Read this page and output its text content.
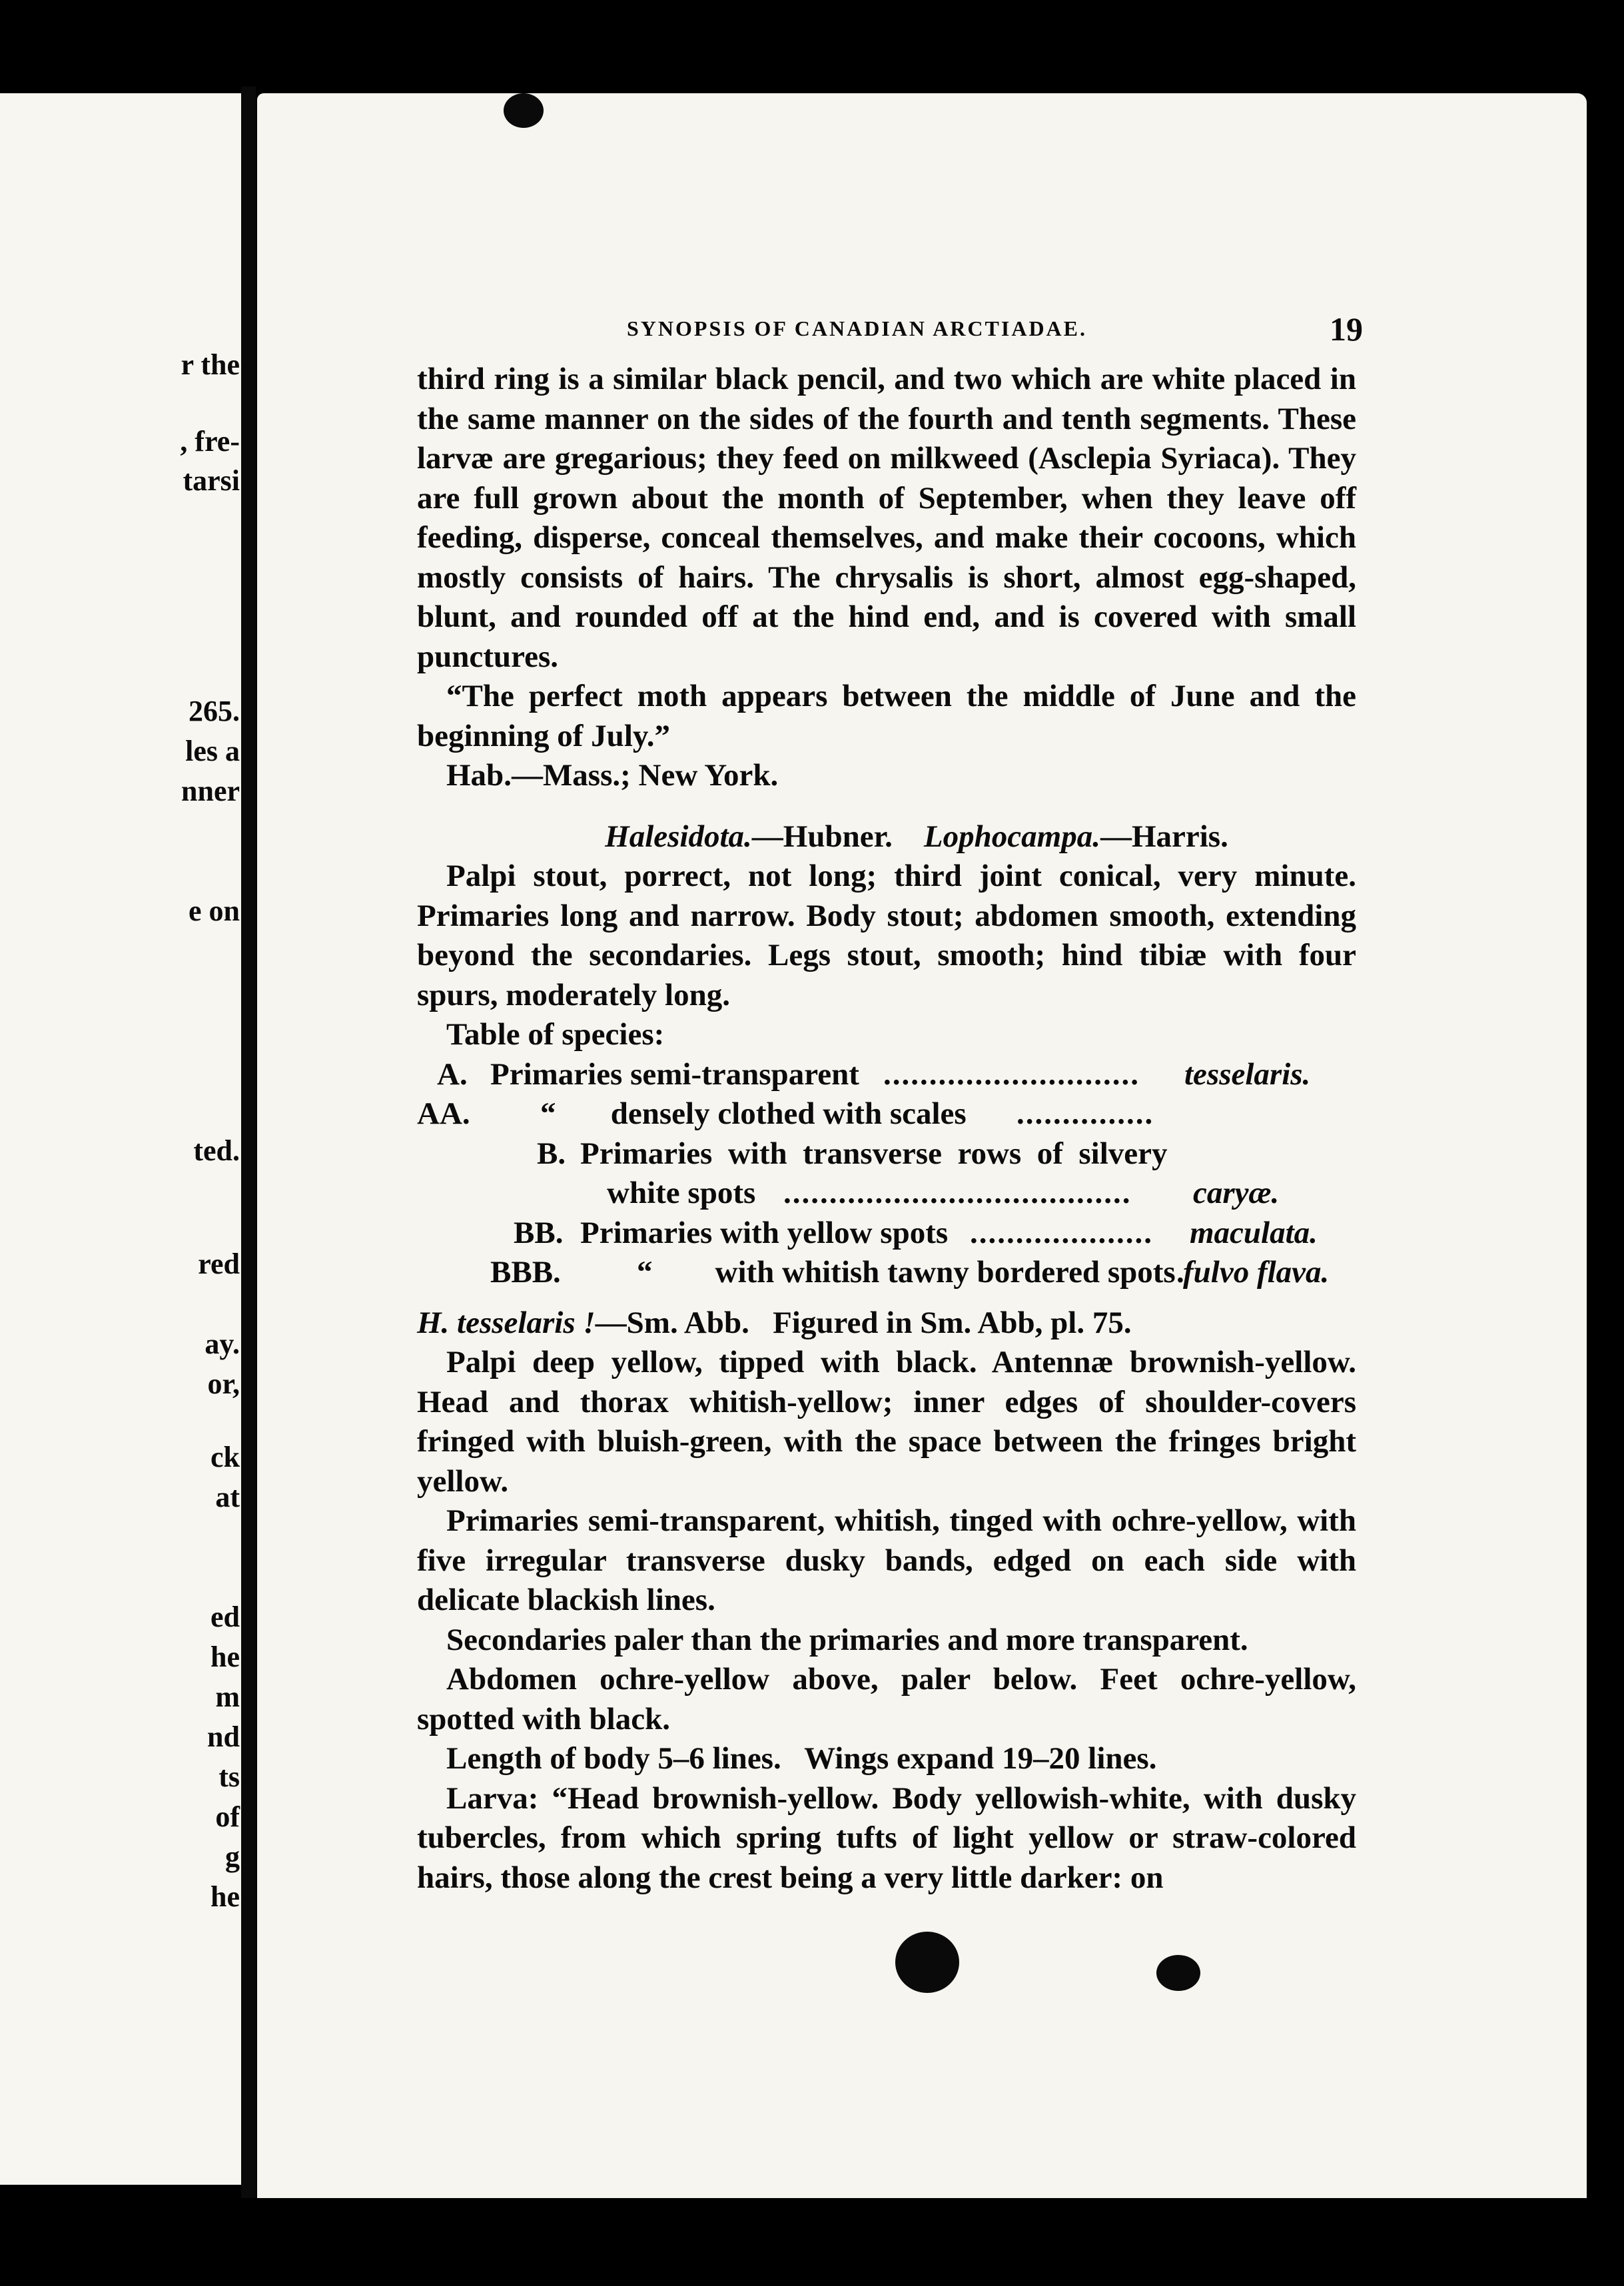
r the
, fre-
tarsi
265.
les a
nner
e on
ted.
red
ay.
or,
ck
at
ed
he
m
nd
ts
of
g
he
SYNOPSIS OF CANADIAN ARCTIADAE.	19

third ring is a similar black pencil, and two which are white placed in the same manner on the sides of the fourth and tenth segments. These larvæ are gregarious; they feed on milkweed (Asclepia Syriaca). They are full grown about the month of September, when they leave off feeding, disperse, conceal themselves, and make their cocoons, which mostly consists of hairs. The chrysalis is short, almost egg-shaped, blunt, and rounded off at the hind end, and is covered with small punctures.

“The perfect moth appears between the middle of June and the beginning of July.”

Hab.—Mass.; New York.

Halesidota.—Hubner. Lophocampa.—Harris.

Palpi stout, porrect, not long; third joint conical, very minute. Primaries long and narrow. Body stout; abdomen smooth, extending beyond the secondaries. Legs stout, smooth; hind tibiæ with four spurs, moderately long.

Table of species:

A. Primaries semi-transparent ............................ tesselaris.
AA. “       densely clothed with scales ...............
B. Primaries  with  transverse  rows  of  silvery
white spots ...................................... caryæ.
BB. Primaries with yellow spots .................... maculata.
BBB. “        with whitish tawny bordered spots .
fulvo flava.

H. tesselaris !—Sm. Abb.   Figured in Sm. Abb, pl. 75.

Palpi deep yellow, tipped with black. Antennæ brownish-yellow. Head and thorax whitish-yellow; inner edges of shoulder-covers fringed with bluish-green, with the space between the fringes bright yellow.

Primaries semi-transparent, whitish, tinged with ochre-yellow, with five irregular transverse dusky bands, edged on each side with delicate blackish lines.

Secondaries paler than the primaries and more transparent.

Abdomen ochre-yellow above, paler below. Feet ochre-yellow, spotted with black.

Length of body 5–6 lines.   Wings expand 19–20 lines.

Larva: “Head brownish-yellow. Body yellowish-white, with dusky tubercles, from which spring tufts of light yellow or straw-colored hairs, those along the crest being a very little darker: on
